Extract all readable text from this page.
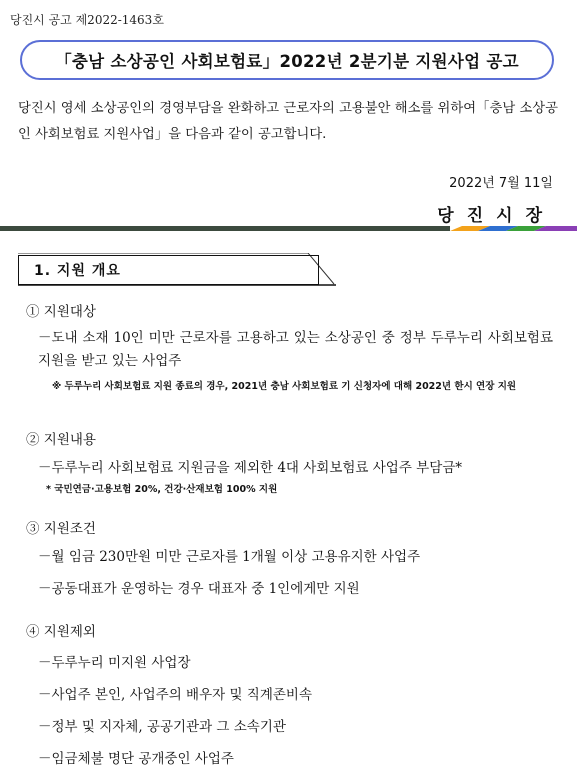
당진시 공고 제2022-1463호
「충남 소상공인 사회보험료」2022년 2분기분 지원사업 공고
당진시 영세 소상공인의 경영부담을 완화하고 근로자의 고용불안 해소를 위하여「충남 소상공인 사회보험료 지원사업」을 다음과 같이 공고합니다.
2022년 7월 11일
당진시장
1. 지원 개요
① 지원대상
－도내 소재 10인 미만 근로자를 고용하고 있는 소상공인 중 정부 두루누리 사회보험료 지원을 받고 있는 사업주
※ 두루누리 사회보험료 지원 종료의 경우, 2021년 충남 사회보험료 기 신청자에 대해 2022년 한시 연장 지원
② 지원내용
－두루누리 사회보험료 지원금을 제외한 4대 사회보험료 사업주 부담금*
* 국민연금·고용보험 20%, 건강·산재보험 100% 지원
③ 지원조건
－월 임금 230만원 미만 근로자를 1개월 이상 고용유지한 사업주
－공동대표가 운영하는 경우 대표자 중 1인에게만 지원
④ 지원제외
－두루누리 미지원 사업장
－사업주 본인, 사업주의 배우자 및 직계존비속
－정부 및 지자체, 공공기관과 그 소속기관
－임금체불 명단 공개중인 사업주
